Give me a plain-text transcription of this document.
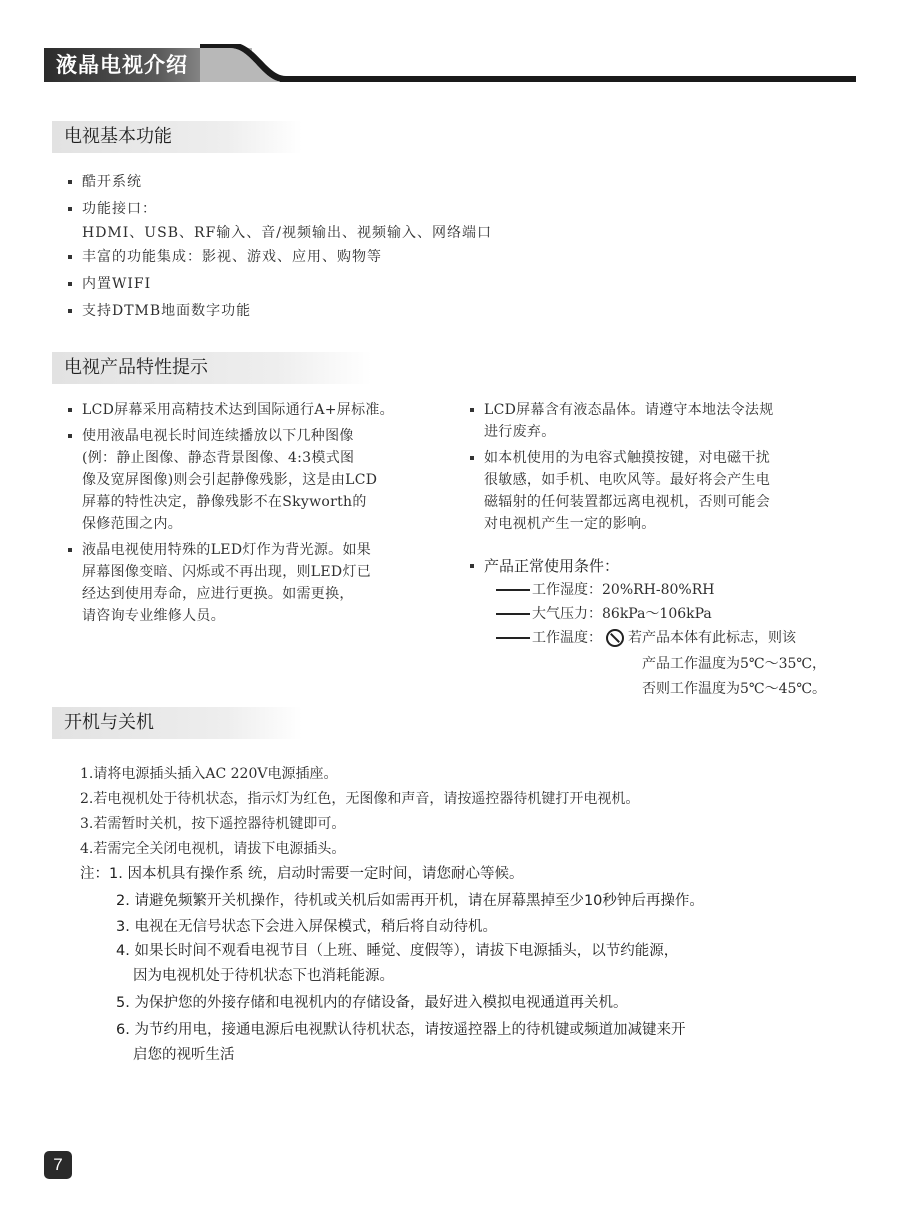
液晶电视介绍
电视基本功能
酷开系统
功能接口：
HDMI、USB、RF输入、音/视频输出、视频输入、网络端口
丰富的功能集成：影视、游戏、应用、购物等
内置WIFI
支持DTMB地面数字功能
电视产品特性提示
LCD屏幕采用高精技术达到国际通行A+屏标准。
使用液晶电视长时间连续播放以下几种图像
(例：静止图像、静态背景图像、4:3模式图
像及宽屏图像)则会引起静像残影，这是由LCD
屏幕的特性决定，静像残影不在Skyworth的
保修范围之内。
液晶电视使用特殊的LED灯作为背光源。如果
屏幕图像变暗、闪烁或不再出现，则LED灯已
经达到使用寿命，应进行更换。如需更换，
请咨询专业维修人员。
LCD屏幕含有液态晶体。请遵守本地法令法规
进行废弃。
如本机使用的为电容式触摸按键，对电磁干扰
很敏感，如手机、电吹风等。最好将会产生电
磁辐射的任何装置都远离电视机，否则可能会
对电视机产生一定的影响。
产品正常使用条件：
工作湿度：20%RH-80%RH
大气压力：86kPa～106kPa
工作温度： 若产品本体有此标志，则该
产品工作温度为5℃～35℃，
否则工作温度为5℃～45℃。
开机与关机
1.请将电源插头插入AC 220V电源插座。
2.若电视机处于待机状态，指示灯为红色，无图像和声音，请按遥控器待机键打开电视机。
3.若需暂时关机，按下遥控器待机键即可。
4.若需完全关闭电视机，请拔下电源插头。
注：1. 因本机具有操作系 统，启动时需要一定时间，请您耐心等候。
2. 请避免频繁开关机操作，待机或关机后如需再开机，请在屏幕黑掉至少10秒钟后再操作。
3. 电视在无信号状态下会进入屏保模式，稍后将自动待机。
4. 如果长时间不观看电视节目（上班、睡觉、度假等），请拔下电源插头，以节约能源，
因为电视机处于待机状态下也消耗能源。
5. 为保护您的外接存储和电视机内的存储设备，最好进入模拟电视通道再关机。
6. 为节约用电，接通电源后电视默认待机状态，请按遥控器上的待机键或频道加减键来开
启您的视听生活
7
